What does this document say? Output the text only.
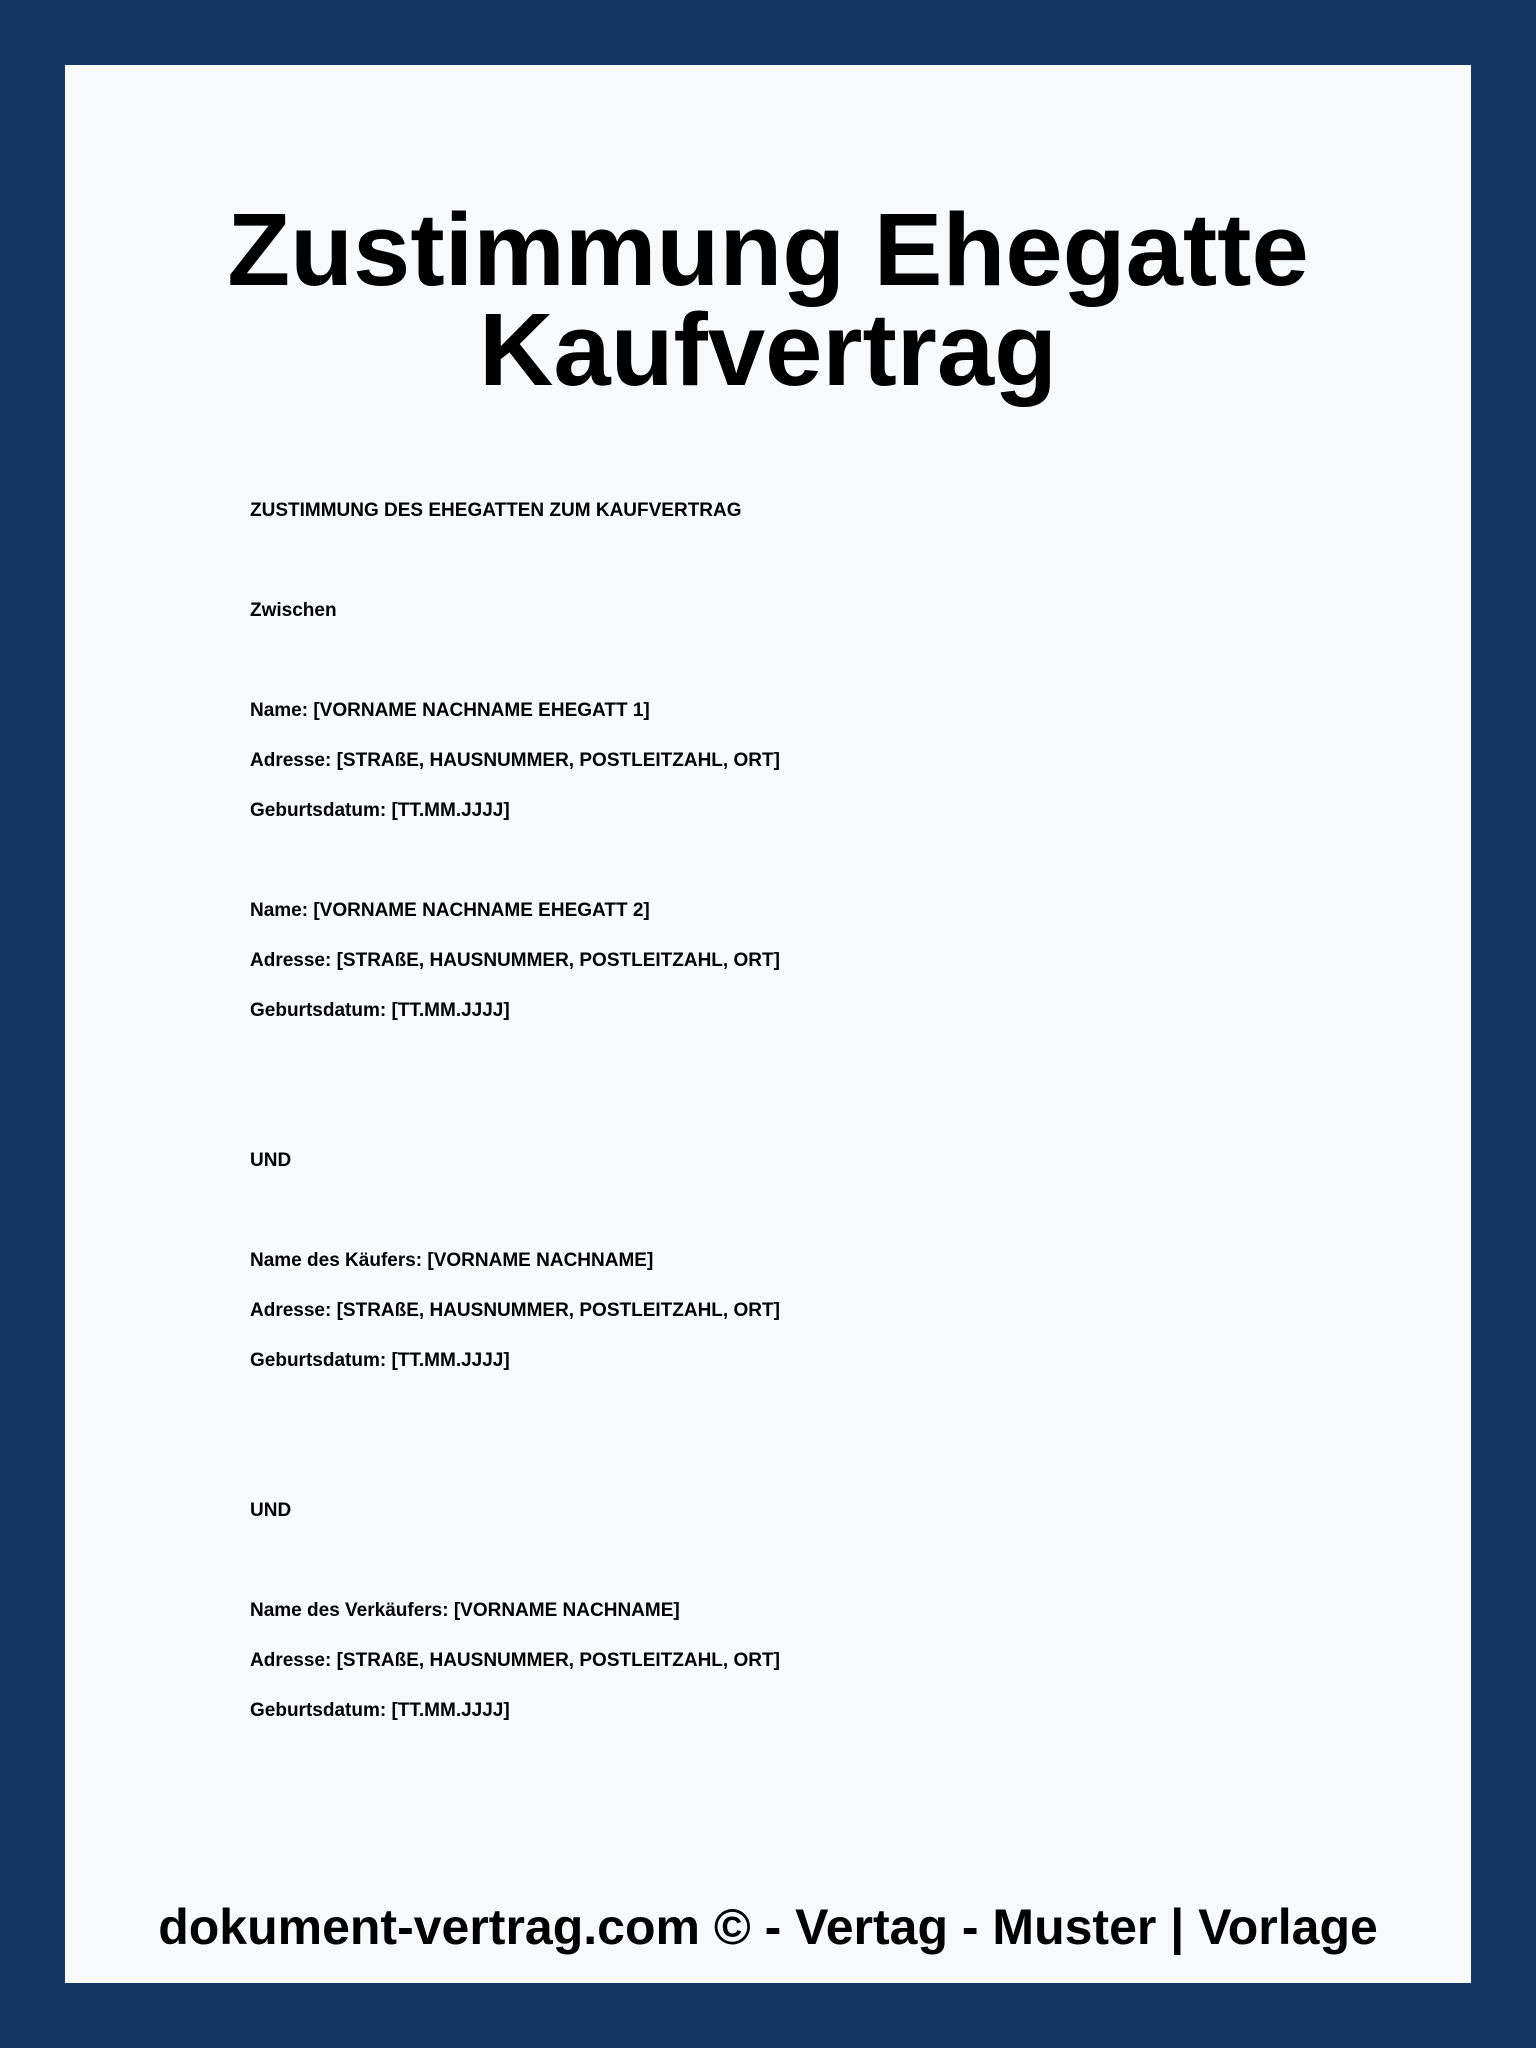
Zustimmung Ehegatte
Kaufvertrag
ZUSTIMMUNG DES EHEGATTEN ZUM KAUFVERTRAG
Zwischen
Name: [VORNAME NACHNAME EHEGATT 1]
Adresse: [STRAßE, HAUSNUMMER, POSTLEITZAHL, ORT]
Geburtsdatum: [TT.MM.JJJJ]
Name: [VORNAME NACHNAME EHEGATT 2]
Adresse: [STRAßE, HAUSNUMMER, POSTLEITZAHL, ORT]
Geburtsdatum: [TT.MM.JJJJ]
UND
Name des Käufers: [VORNAME NACHNAME]
Adresse: [STRAßE, HAUSNUMMER, POSTLEITZAHL, ORT]
Geburtsdatum: [TT.MM.JJJJ]
UND
Name des Verkäufers: [VORNAME NACHNAME]
Adresse: [STRAßE, HAUSNUMMER, POSTLEITZAHL, ORT]
Geburtsdatum: [TT.MM.JJJJ]
dokument-vertrag.com © - Vertag - Muster | Vorlage
